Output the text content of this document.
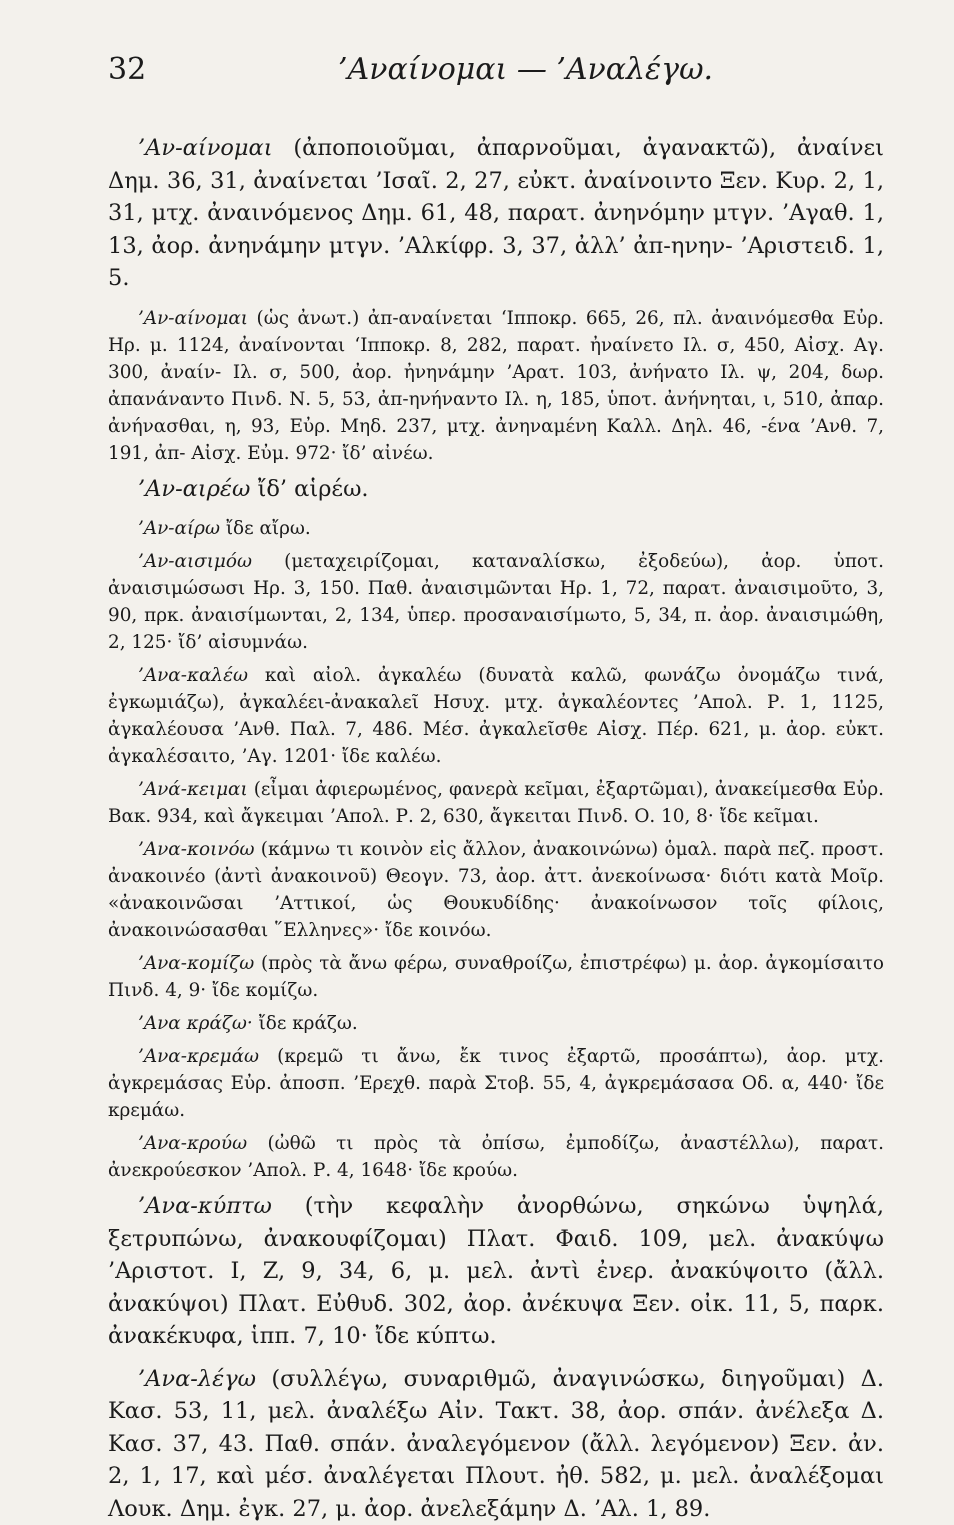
32	’Αναίνομαι — ’Αναλέγω.

’Αν-αίνομαι (ἀποποιοῦμαι, ἀπαρνοῦμαι, ἀγανακτῶ), ἀναίνει Δημ. 36, 31, ἀναίνεται ’Ισαῖ. 2, 27, εὐκτ. ἀναίνοιντο Ξεν. Κυρ. 2, 1, 31, μτχ. ἀναινόμενος Δημ. 61, 48, παρατ. ἀνηνόμην μτγν. ’Αγαθ. 1, 13, ἀορ. ἀνηνάμην μτγν. ’Αλκίφρ. 3, 37, ἀλλ’ ἀπ-ηνην- ’Αριστειδ. 1, 5.

’Αν-αίνομαι (ὡς ἀνωτ.) ἀπ-αναίνεται ‘Ιπποκρ. 665, 26, πλ. ἀναινόμεσθα Εὐρ. Ηρ. μ. 1124, ἀναίνονται ‘Ιπποκρ. 8, 282, παρατ. ἠναίνετο Ιλ. σ, 450, Αἰσχ. Αγ. 300, ἀναίν- Ιλ. σ, 500, ἀορ. ἠνηνάμην ’Αρατ. 103, ἀνήνατο Ιλ. ψ, 204, δωρ. ἀπανάναντο Πινδ. Ν. 5, 53, ἀπ-ηνήναντο Ιλ. η, 185, ὑποτ. ἀνήνηται, ι, 510, ἀπαρ. ἀνήνασθαι, η, 93, Εὐρ. Μηδ. 237, μτχ. ἀνηναμένη Καλλ. Δηλ. 46, -ένα ’Ανθ. 7, 191, ἀπ- Αἰσχ. Εὐμ. 972· ἴδ’ αἰνέω.

’Αν-αιρέω ἴδ’ αἱρέω.

’Αν-αίρω ἴδε αἴρω.

’Αν-αισιμόω (μεταχειρίζομαι, καταναλίσκω, ἐξοδεύω), ἀορ. ὑποτ. ἀναισιμώσωσι Ηρ. 3, 150. Παθ. ἀναισιμῶνται Ηρ. 1, 72, παρατ. ἀναισιμοῦτο, 3, 90, πρκ. ἀναισίμωνται, 2, 134, ὑπερ. προσαναισίμωτο, 5, 34, π. ἀορ. ἀναισιμώθη, 2, 125· ἴδ’ αἰσυμνάω.

’Ανα-καλέω καὶ αἰολ. ἀγκαλέω (δυνατὰ καλῶ, φωνάζω ὀνομάζω τινά, ἐγκωμιάζω), ἀγκαλέει-ἀνακαλεῖ Ησυχ. μτχ. ἀγκαλέοντες ’Απολ. Ρ. 1, 1125, ἀγκαλέουσα ’Ανθ. Παλ. 7, 486. Μέσ. ἀγκαλεῖσθε Αἰσχ. Πέρ. 621, μ. ἀορ. εὐκτ. ἀγκαλέσαιτο, ’Αγ. 1201· ἴδε καλέω.

’Ανά-κειμαι (εἶμαι ἀφιερωμένος, φανερὰ κεῖμαι, ἐξαρτῶμαι), ἀνακείμεσθα Εὐρ. Βακ. 934, καὶ ἄγκειμαι ’Απολ. Ρ. 2, 630, ἄγκειται Πινδ. Ο. 10, 8· ἴδε κεῖμαι.

’Ανα-κοινόω (κάμνω τι κοινὸν εἰς ἄλλον, ἀνακοινώνω) ὁμαλ. παρὰ πεζ. προστ. ἀνακοινέο (ἀντὶ ἀνακοινοῦ) Θεογν. 73, ἀορ. ἀττ. ἀνεκοίνωσα· διότι κατὰ Μοῖρ. «ἀνακοινῶσαι ’Αττικοί, ὡς Θουκυδίδης· ἀνακοίνωσον τοῖς φίλοις, ἀνακοινώσασθαι ῞Ελληνες»· ἴδε κοινόω.

’Ανα-κομίζω (πρὸς τὰ ἄνω φέρω, συναθροίζω, ἐπιστρέφω) μ. ἀορ. ἀγκομίσαιτο Πινδ. 4, 9· ἴδε κομίζω.

’Ανα κράζω· ἴδε κράζω.

’Ανα-κρεμάω (κρεμῶ τι ἄνω, ἔκ τινος ἐξαρτῶ, προσάπτω), ἀορ. μτχ. ἀγκρεμάσας Εὐρ. ἀποσπ. ’Ερεχθ. παρὰ Στοβ. 55, 4, ἀγκρεμάσασα Οδ. α, 440· ἴδε κρεμάω.

’Ανα-κρούω (ὠθῶ τι πρὸς τὰ ὀπίσω, ἐμποδίζω, ἀναστέλλω), παρατ. ἀνεκρούεσκον ’Απολ. Ρ. 4, 1648· ἴδε κρούω.

’Ανα-κύπτω (τὴν κεφαλὴν ἀνορθώνω, σηκώνω ὑψηλά, ξετρυπώνω, ἀνακουφίζομαι) Πλατ. Φαιδ. 109, μελ. ἀνακύψω ’Αριστοτ. I, Z, 9, 34, 6, μ. μελ. ἀντὶ ἐνερ. ἀνακύψοιτο (ἄλλ. ἀνακύψοι) Πλατ. Εὐθυδ. 302, ἀορ. ἀνέκυψα Ξεν. οἰκ. 11, 5, παρκ. ἀνακέκυφα, ἱππ. 7, 10· ἴδε κύπτω.

’Ανα-λέγω (συλλέγω, συναριθμῶ, ἀναγινώσκω, διηγοῦμαι) Δ. Κασ. 53, 11, μελ. ἀναλέξω Αἰν. Τακτ. 38, ἀορ. σπάν. ἀνέλεξα Δ. Κασ. 37, 43. Παθ. σπάν. ἀναλεγόμενον (ἄλλ. λεγόμενον) Ξεν. ἀν. 2, 1, 17, καὶ μέσ. ἀναλέγεται Πλουτ. ἠθ. 582, μ. μελ. ἀναλέξομαι Λουκ. Δημ. ἐγκ. 27, μ. ἀορ. ἀνελεξάμην Δ. ’Αλ. 1, 89.
